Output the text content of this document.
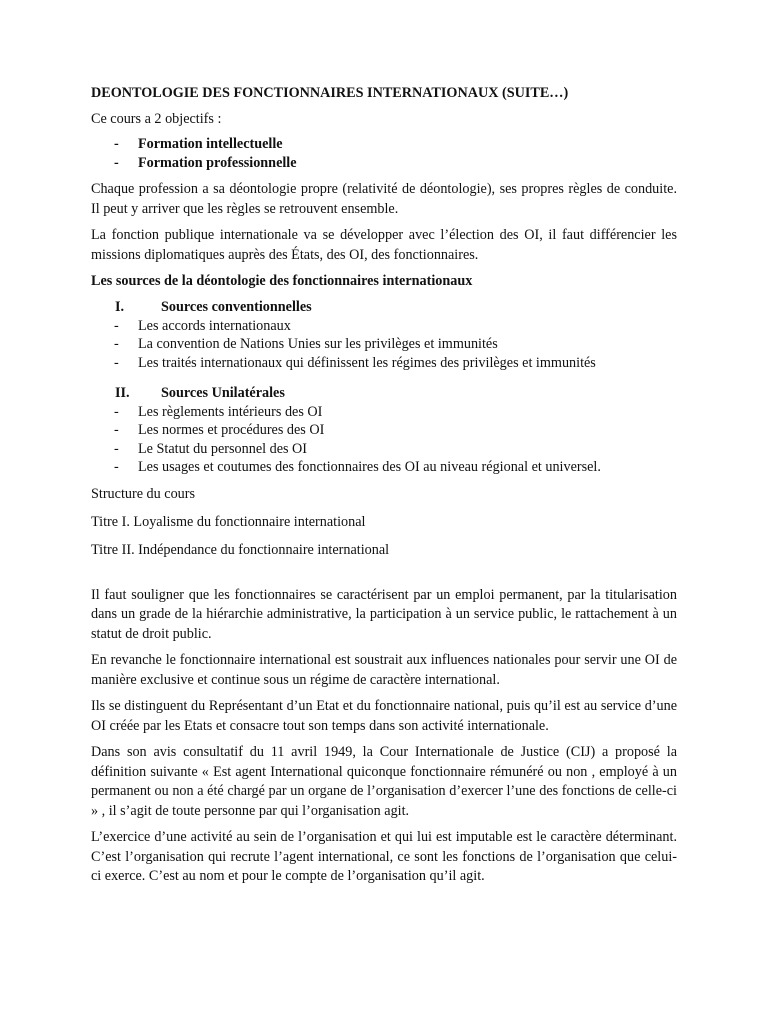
DEONTOLOGIE DES FONCTIONNAIRES INTERNATIONAUX (SUITE…)

Ce cours a 2 objectifs :

- Formation intellectuelle
- Formation professionnelle

Chaque profession a sa déontologie propre (relativité de déontologie), ses propres règles de conduite. Il peut y arriver que les règles se retrouvent ensemble.

La fonction publique internationale va se développer avec l’élection des OI, il faut différencier les missions diplomatiques auprès des États, des OI, des fonctionnaires.

Les sources de la déontologie des fonctionnaires internationaux

I.	Sources conventionnelles
- Les accords internationaux
- La convention de Nations Unies sur les privilèges et immunités
- Les traités internationaux qui définissent les régimes des privilèges et immunités
II. Sources Unilatérales
- Les règlements intérieurs des OI
- Les normes et procédures des OI
- Le Statut du personnel des OI
- Les usages et coutumes des fonctionnaires des OI au niveau régional et universel.

Structure du cours

Titre I. Loyalisme du fonctionnaire international

Titre II. Indépendance du fonctionnaire international

Il faut souligner que les fonctionnaires se caractérisent par un emploi permanent, par la titularisation dans un grade de la hiérarchie administrative, la participation à un service public, le rattachement à un statut de droit public.

En revanche le fonctionnaire international est soustrait aux influences nationales pour servir une OI de manière exclusive et continue sous un régime de caractère international.

Ils se distinguent du Représentant d’un Etat et du fonctionnaire national, puis qu’il est au service d’une OI créée par les Etats et consacre tout son temps dans son activité internationale.

Dans son avis consultatif du 11 avril 1949, la Cour Internationale de Justice (CIJ) a proposé la définition suivante « Est agent International quiconque fonctionnaire rémunéré ou non , employé à un permanent ou non a été chargé par un organe de l’organisation d’exercer l’une des fonctions de celle-ci » , il s’agit de toute personne par qui l’organisation agit.

L’exercice d’une activité au sein de l’organisation et qui lui est imputable est le caractère déterminant. C’est l’organisation qui recrute l’agent international, ce sont les fonctions de l’organisation que celui-ci exerce. C’est au nom et pour le compte de l’organisation qu’il agit.
